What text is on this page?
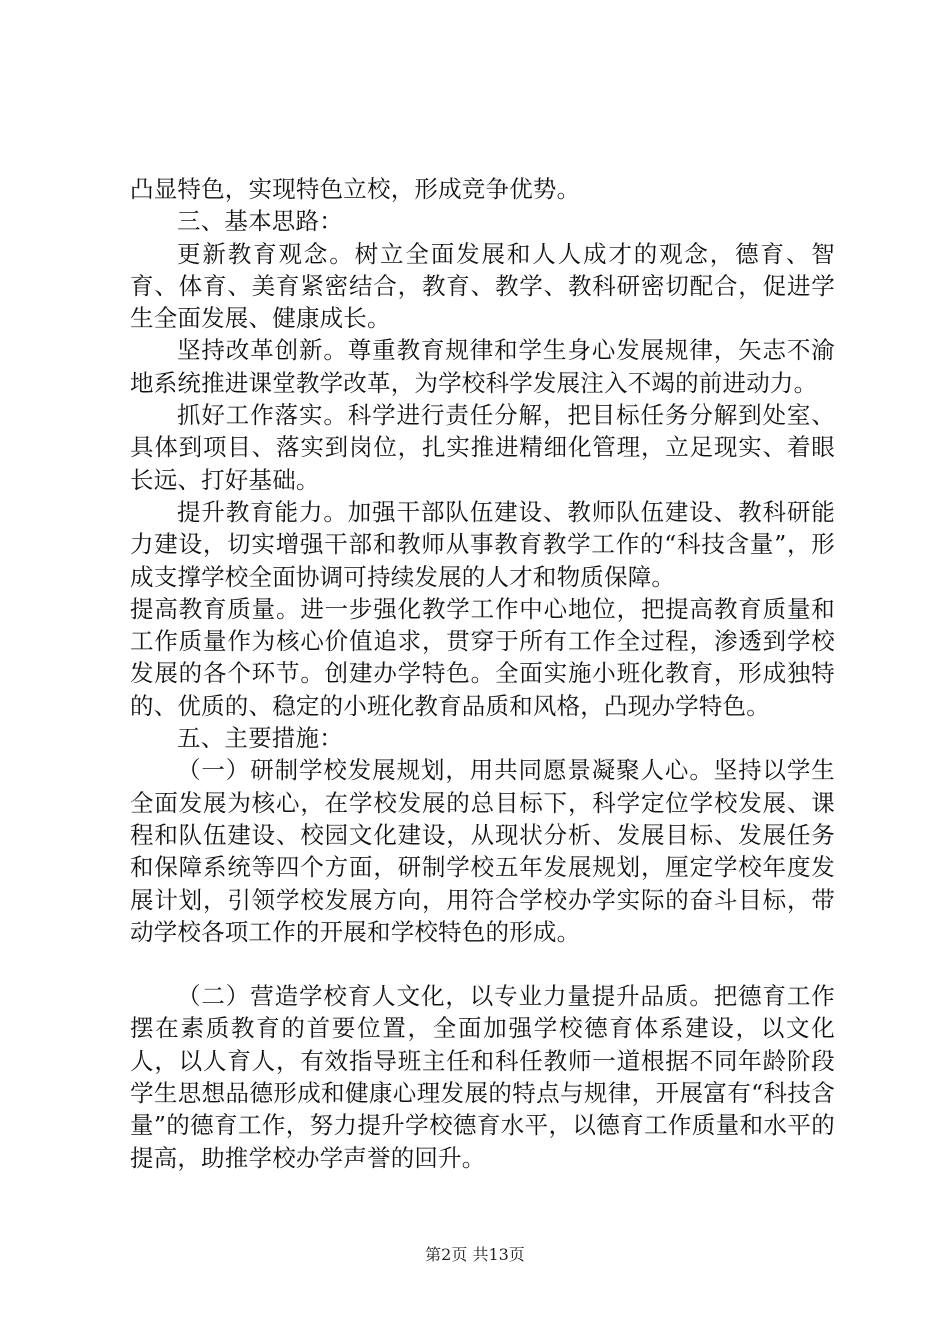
凸显特色，实现特色立校，形成竞争优势。

三、基本思路：

更新教育观念。树立全面发展和人人成才的观念，德育、智育、体育、美育紧密结合，教育、教学、教科研密切配合，促进学生全面发展、健康成长。

坚持改革创新。尊重教育规律和学生身心发展规律，矢志不渝地系统推进课堂教学改革，为学校科学发展注入不竭的前进动力。

抓好工作落实。科学进行责任分解，把目标任务分解到处室、具体到项目、落实到岗位，扎实推进精细化管理，立足现实、着眼长远、打好基础。

提升教育能力。加强干部队伍建设、教师队伍建设、教科研能力建设，切实增强干部和教师从事教育教学工作的“科技含量”，形成支撑学校全面协调可持续发展的人才和物质保障。

提高教育质量。进一步强化教学工作中心地位，把提高教育质量和工作质量作为核心价值追求，贯穿于所有工作全过程，渗透到学校发展的各个环节。创建办学特色。全面实施小班化教育，形成独特的、优质的、稳定的小班化教育品质和风格，凸现办学特色。

五、主要措施：

（一）研制学校发展规划，用共同愿景凝聚人心。坚持以学生全面发展为核心，在学校发展的总目标下，科学定位学校发展、课程和队伍建设、校园文化建设，从现状分析、发展目标、发展任务和保障系统等四个方面，研制学校五年发展规划，厘定学校年度发展计划，引领学校发展方向，用符合学校办学实际的奋斗目标，带动学校各项工作的开展和学校特色的形成。

（二）营造学校育人文化，以专业力量提升品质。把德育工作摆在素质教育的首要位置，全面加强学校德育体系建设，以文化人，以人育人，有效指导班主任和科任教师一道根据不同年龄阶段学生思想品德形成和健康心理发展的特点与规律，开展富有“科技含量”的德育工作，努力提升学校德育水平，以德育工作质量和水平的提高，助推学校办学声誉的回升。

第2页 共13页
